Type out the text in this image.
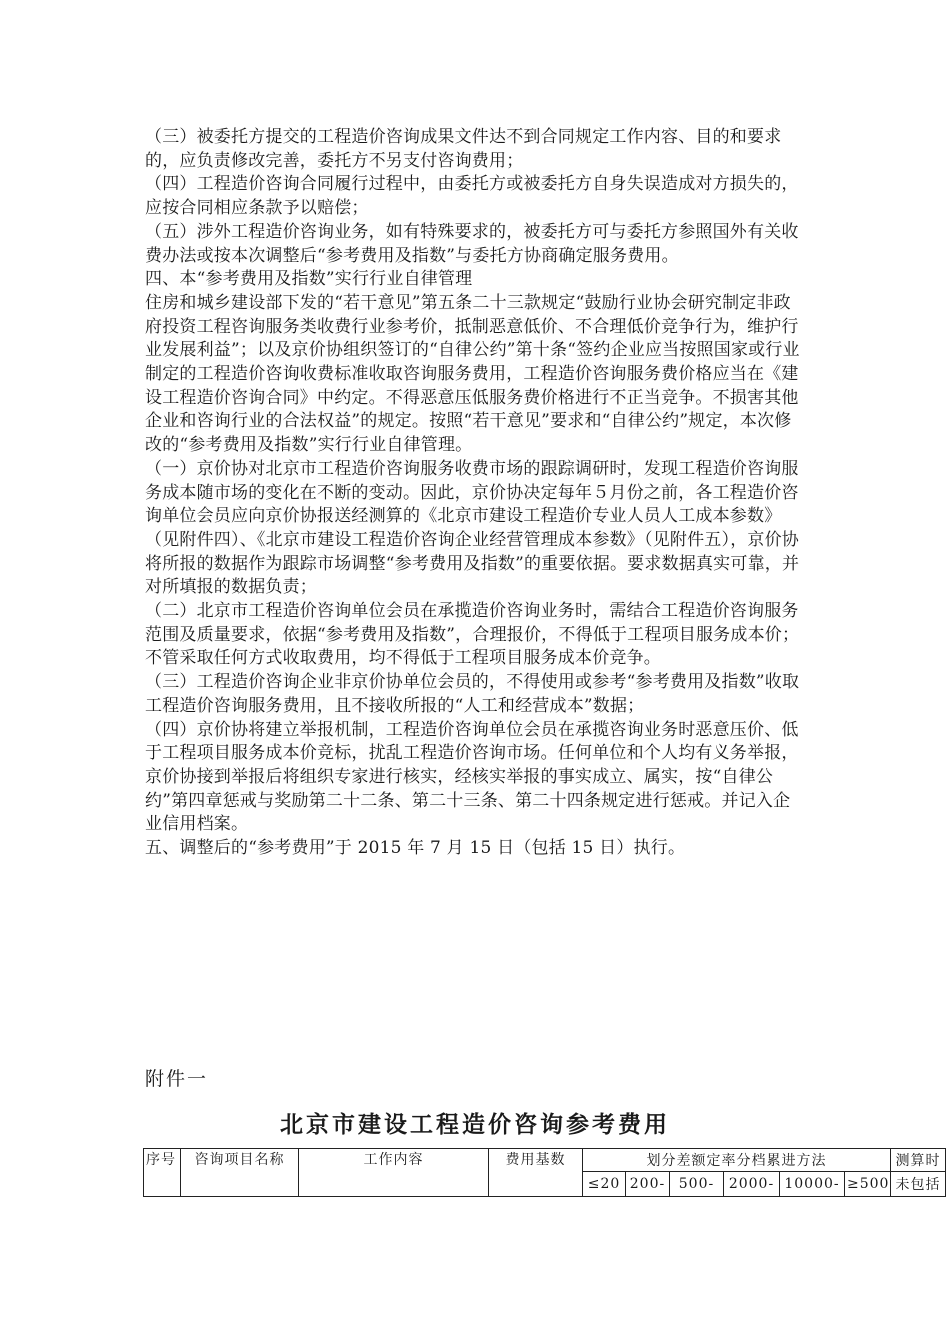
（三）被委托方提交的工程造价咨询成果文件达不到合同规定工作内容、目的和要求的，应负责修改完善，委托方不另支付咨询费用；

（四）工程造价咨询合同履行过程中，由委托方或被委托方自身失误造成对方损失的，应按合同相应条款予以赔偿；

（五）涉外工程造价咨询业务，如有特殊要求的，被委托方可与委托方参照国外有关收费办法或按本次调整后“参考费用及指数”与委托方协商确定服务费用。

四、本“参考费用及指数”实行行业自律管理

住房和城乡建设部下发的“若干意见”第五条二十三款规定“鼓励行业协会研究制定非政府投资工程咨询服务类收费行业参考价，抵制恶意低价、不合理低价竞争行为，维护行业发展利益”；以及京价协组织签订的“自律公约”第十条“签约企业应当按照国家或行业制定的工程造价咨询收费标准收取咨询服务费用，工程造价咨询服务费价格应当在《建设工程造价咨询合同》中约定。不得恶意压低服务费价格进行不正当竞争。不损害其他企业和咨询行业的合法权益”的规定。按照“若干意见”要求和“自律公约”规定，本次修改的“参考费用及指数”实行行业自律管理。

（一）京价协对北京市工程造价咨询服务收费市场的跟踪调研时，发现工程造价咨询服务成本随市场的变化在不断的变动。因此，京价协决定每年５月份之前，各工程造价咨询单位会员应向京价协报送经测算的《北京市建设工程造价专业人员人工成本参数》（见附件四）、《北京市建设工程造价咨询企业经营管理成本参数》（见附件五），京价协将所报的数据作为跟踪市场调整“参考费用及指数”的重要依据。要求数据真实可靠，并对所填报的数据负责；

（二）北京市工程造价咨询单位会员在承揽造价咨询业务时，需结合工程造价咨询服务范围及质量要求，依据“参考费用及指数”，合理报价，不得低于工程项目服务成本价；

不管采取任何方式收取费用，均不得低于工程项目服务成本价竞争。

（三）工程造价咨询企业非京价协单位会员的，不得使用或参考“参考费用及指数”收取工程造价咨询服务费用，且不接收所报的“人工和经营成本”数据；

（四）京价协将建立举报机制，工程造价咨询单位会员在承揽咨询业务时恶意压价、低于工程项目服务成本价竞标，扰乱工程造价咨询市场。任何单位和个人均有义务举报，京价协接到举报后将组织专家进行核实，经核实举报的事实成立、属实，按“自律公约”第四章惩戒与奖励第二十二条、第二十三条、第二十四条规定进行惩戒。并记入企业信用档案。

五、调整后的“参考费用”于 2015 年 7 月 15 日（包括 15 日）执行。

附件一
北京市建设工程造价咨询参考费用
序号	咨询项目名称	工作内容	费用基数	划分差额定率分档累进方法						测算时
				≤20	200-	500-	2000-	10000-	≥500	未包括
